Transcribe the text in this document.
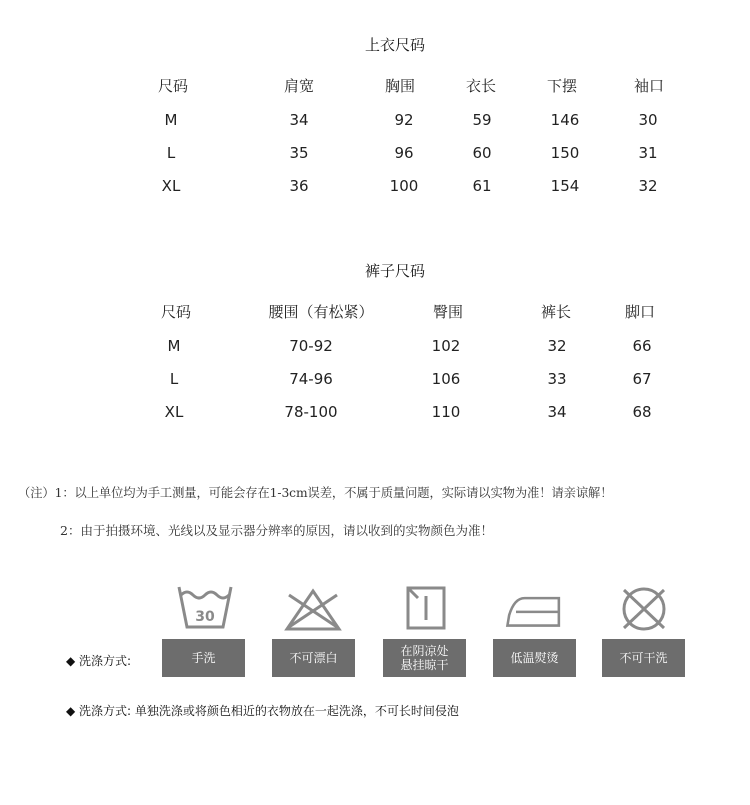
上衣尺码
尺码	肩宽	胸围	衣长	下摆	袖口
M	34	92	59	146	30
L	35	96	60	150	31
XL	36	100	61	154	32
裤子尺码
尺码	腰围（有松紧）	臀围	裤长	脚口
M	70-92	102	32	66
L	74-96	106	33	67
XL	78-100	110	34	68
（注）1：以上单位均为手工测量，可能会存在1-3cm误差，不属于质量问题，实际请以实物为准！请亲谅解！
2：由于拍摄环境、光线以及显示器分辨率的原因，请以收到的实物颜色为准！
30
◆ 洗涤方式:	手洗	不可漂白	在阴凉处
悬挂晾干	低温熨烫	不可干洗
◆ 洗涤方式: 单独洗涤或将颜色相近的衣物放在一起洗涤，不可长时间侵泡
